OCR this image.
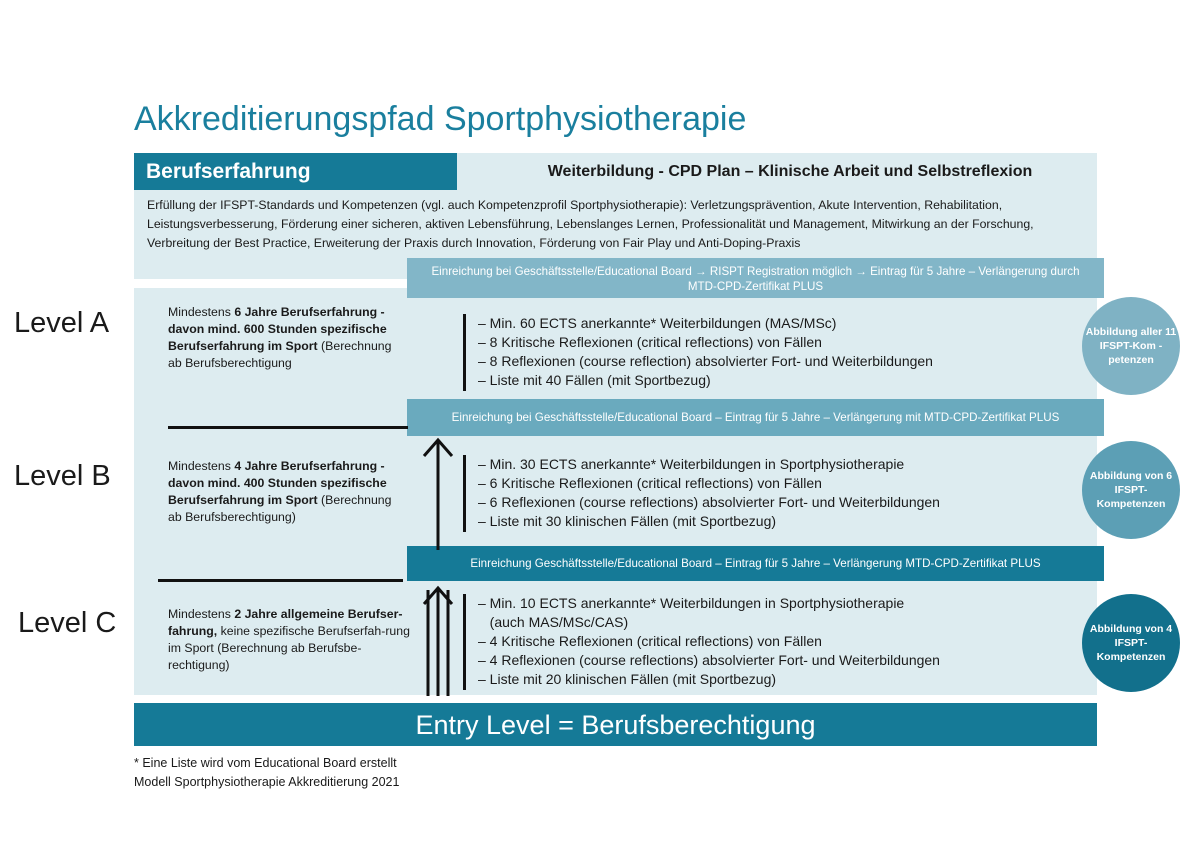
Akkreditierungspfad Sportphysiotherapie
Berufserfahrung	Weiterbildung - CPD Plan – Klinische Arbeit und Selbstreflexion
Erfüllung der IFSPT-Standards und Kompetenzen (vgl. auch Kompetenzprofil Sportphysiotherapie): Verletzungsprävention, Akute Intervention, Rehabilitation, Leistungsverbesserung, Förderung einer sicheren, aktiven Lebensführung, Lebenslanges Lernen, Professionalität und Management, Mitwirkung an der Forschung, Verbreitung der Best Practice, Erweiterung der Praxis durch Innovation, Förderung von Fair Play und Anti-Doping-Praxis
Einreichung bei Geschäftsstelle/Educational Board → RISPT Registration möglich → Eintrag für 5 Jahre – Verlängerung durch MTD-CPD-Zertifikat PLUS
Einreichung bei Geschäftsstelle/Educational Board – Eintrag für 5 Jahre – Verlängerung mit MTD-CPD-Zertifikat PLUS
Einreichung Geschäftsstelle/Educational Board – Eintrag für 5 Jahre – Verlängerung MTD-CPD-Zertifikat PLUS
Level A
Level B
Level C
Mindestens 6 Jahre Berufserfahrung - davon mind. 600 Stunden spezifische Berufserfahrung im Sport (Berechnung ab Berufsberechtigung
Mindestens 4 Jahre Berufserfahrung - davon mind. 400 Stunden spezifische Berufserfahrung im Sport (Berechnung ab Berufsberechtigung)
Mindestens 2 Jahre allgemeine Berufser-fahrung, keine spezifische Berufserfah-rung im Sport (Berechnung ab Berufsbe-rechtigung)
– Min. 60 ECTS anerkannte* Weiterbildungen (MAS/MSc)
– 8 Kritische Reflexionen (critical reflections) von Fällen
– 8 Reflexionen (course reflection) absolvierter Fort- und Weiterbildungen
– Liste mit 40 Fällen (mit Sportbezug)
– Min. 30 ECTS anerkannte* Weiterbildungen in Sportphysiotherapie
– 6 Kritische Reflexionen (critical reflections) von Fällen
– 6 Reflexionen (course reflections) absolvierter Fort- und Weiterbildungen
– Liste mit 30 klinischen Fällen (mit Sportbezug)
– Min. 10 ECTS anerkannte* Weiterbildungen in Sportphysiotherapie
(auch MAS/MSc/CAS)
– 4 Kritische Reflexionen (critical reflections) von Fällen
– 4 Reflexionen (course reflections) absolvierter Fort- und Weiterbildungen
– Liste mit 20 klinischen Fällen (mit Sportbezug)
Abbildung aller 11 IFSPT-Kom - petenzen
Abbildung von 6 IFSPT- Kompetenzen
Abbildung von 4 IFSPT- Kompetenzen
Entry Level = Berufsberechtigung
* Eine Liste wird vom Educational Board erstellt
Modell Sportphysiotherapie Akkreditierung 2021
